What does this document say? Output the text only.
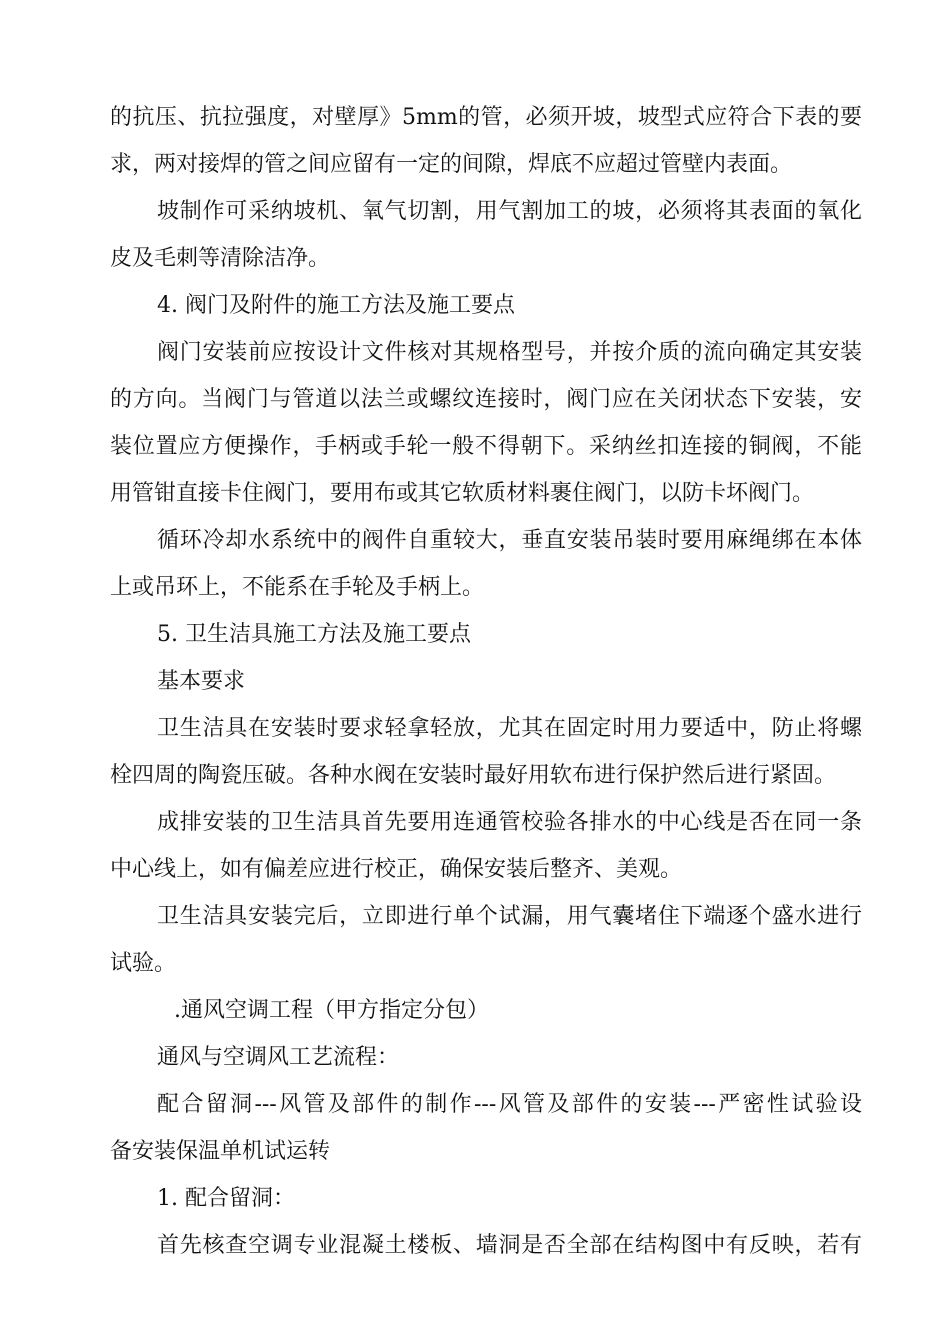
的抗压、抗拉强度，对壁厚》5mm的管，必须开坡，坡型式应符合下表的要
求，两对接焊的管之间应留有一定的间隙，焊底不应超过管壁内表面。
坡制作可采纳坡机、氧气切割，用气割加工的坡，必须将其表面的氧化
皮及毛刺等清除洁净。
4. 阀门及附件的施工方法及施工要点
阀门安装前应按设计文件核对其规格型号，并按介质的流向确定其安装
的方向。当阀门与管道以法兰或螺纹连接时，阀门应在关闭状态下安装，安
装位置应方便操作，手柄或手轮一般不得朝下。采纳丝扣连接的铜阀，不能
用管钳直接卡住阀门，要用布或其它软质材料裹住阀门，以防卡坏阀门。
循环冷却水系统中的阀件自重较大，垂直安装吊装时要用麻绳绑在本体
上或吊环上，不能系在手轮及手柄上。
5. 卫生洁具施工方法及施工要点
基本要求
卫生洁具在安装时要求轻拿轻放，尤其在固定时用力要适中，防止将螺
栓四周的陶瓷压破。各种水阀在安装时最好用软布进行保护然后进行紧固。
成排安装的卫生洁具首先要用连通管校验各排水的中心线是否在同一条
中心线上，如有偏差应进行校正，确保安装后整齐、美观。
卫生洁具安装完后，立即进行单个试漏，用气囊堵住下端逐个盛水进行
试验。
.通风空调工程（甲方指定分包）
通风与空调风工艺流程：
配合留洞---风管及部件的制作---风管及部件的安装---严密性试验设
备安装保温单机试运转
1. 配合留洞：
首先核查空调专业混凝土楼板、墙洞是否全部在结构图中有反映，若有
